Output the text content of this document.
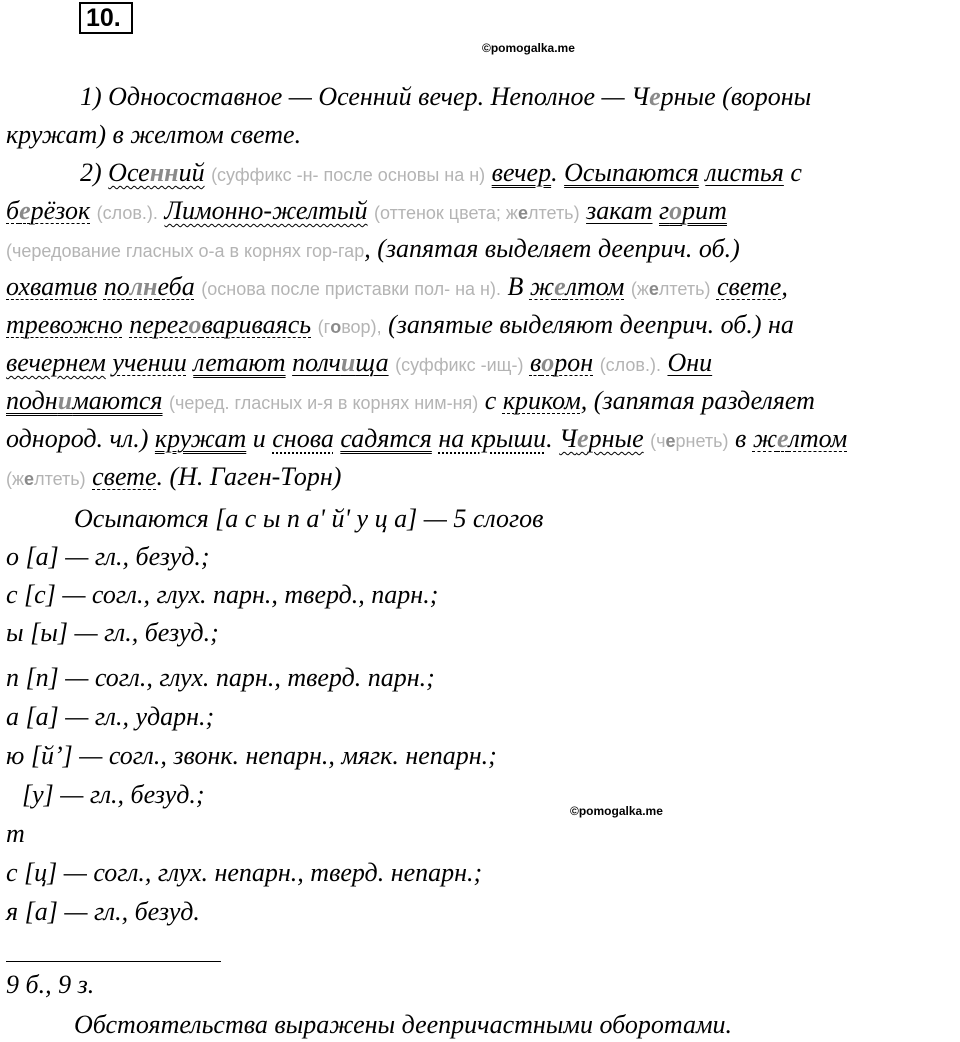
10.
©pomogalka.me
1) Односоставное — Осенний вечер. Неполное — Черные (вороны
кружат) в желтом свете.
2) Осенний (суффикс -н- после основы на н) вечер. Осыпаются листья с
берёзок (слов.). Лимонно-желтый (оттенок цвета; желтеть) закат горит
(чередование гласных о-а в корнях гор-гар, (запятая выделяет дееприч. об.)
охватив полнеба (основа после приставки пол- на н). В желтом (желтеть) свете,
тревожно переговариваясь (говор), (запятые выделяют дееприч. об.) на
вечернем учении летают полчища (суффикс -ищ-) ворон (слов.). Они
поднимаются (черед. гласных и-я в корнях ним-ня) с криком, (запятая разделяет
однород. чл.) кружат и снова садятся на крыши. Черные (чернеть) в желтом
(желтеть) свете. (Н. Гаген-Торн)
Осыпаются [а с ы п а' й' у ц а] — 5 слогов
о [а] — гл., безуд.;
с [с] — согл., глух. парн., тверд., парн.;
ы [ы] — гл., безуд.;
п [п] — согл., глух. парн., тверд. парн.;
а [а] — гл., ударн.;
ю [й’] — согл., звонк. непарн., мягк. непарн.;
[у] — гл., безуд.;
©pomogalka.me
т
с [ц] — согл., глух. непарн., тверд. непарн.;
я [а] — гл., безуд.
9 б., 9 з.
Обстоятельства выражены деепричастными оборотами.
